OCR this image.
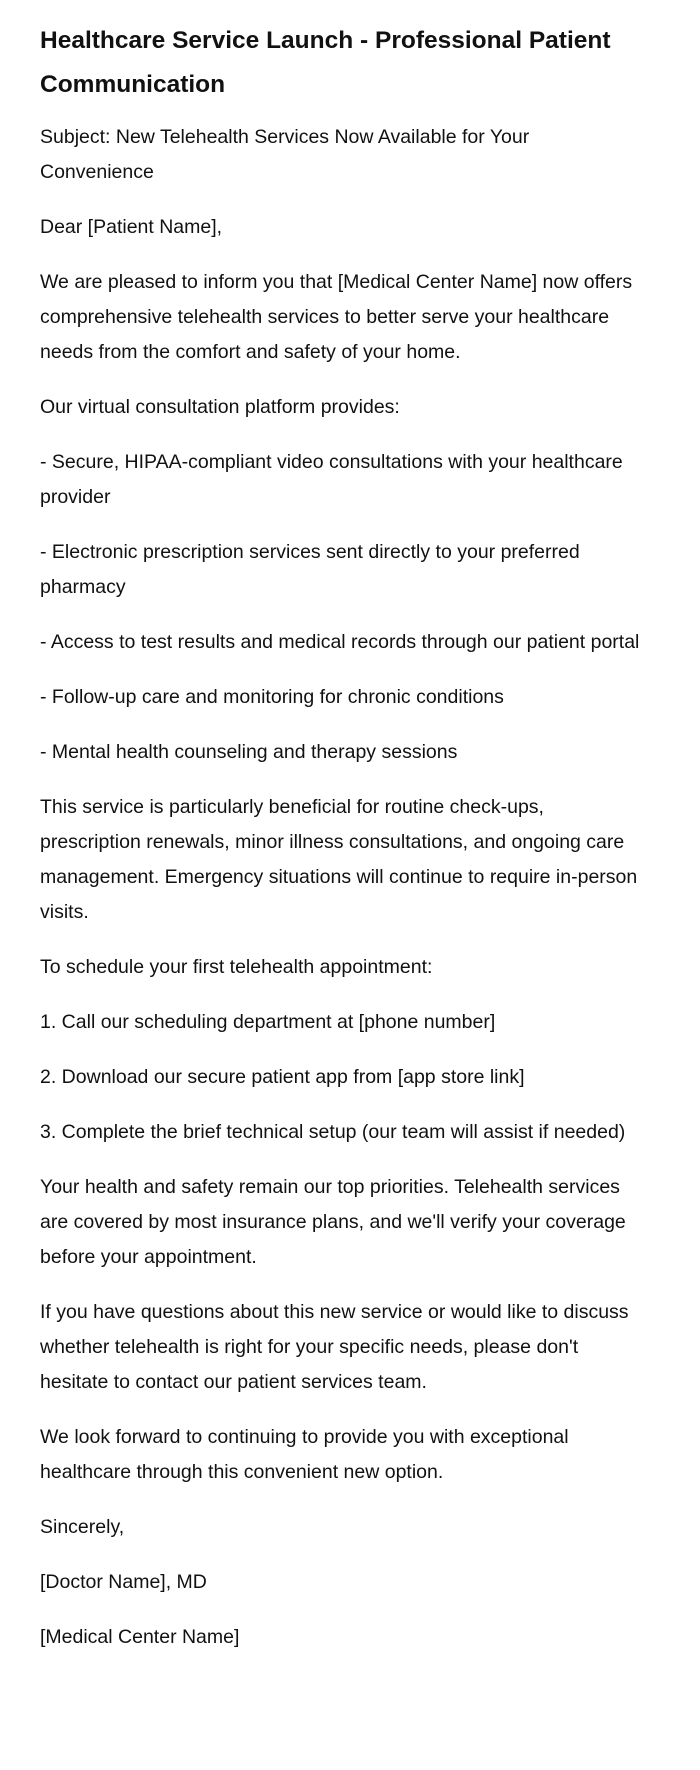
Healthcare Service Launch - Professional Patient Communication

Subject: New Telehealth Services Now Available for Your Convenience

Dear [Patient Name],

We are pleased to inform you that [Medical Center Name] now offers comprehensive telehealth services to better serve your healthcare needs from the comfort and safety of your home.

Our virtual consultation platform provides:

- Secure, HIPAA-compliant video consultations with your healthcare provider

- Electronic prescription services sent directly to your preferred pharmacy

- Access to test results and medical records through our patient portal

- Follow-up care and monitoring for chronic conditions

- Mental health counseling and therapy sessions

This service is particularly beneficial for routine check-ups, prescription renewals, minor illness consultations, and ongoing care management. Emergency situations will continue to require in-person visits.

To schedule your first telehealth appointment:

1. Call our scheduling department at [phone number]

2. Download our secure patient app from [app store link]

3. Complete the brief technical setup (our team will assist if needed)

Your health and safety remain our top priorities. Telehealth services are covered by most insurance plans, and we'll verify your coverage before your appointment.

If you have questions about this new service or would like to discuss whether telehealth is right for your specific needs, please don't hesitate to contact our patient services team.

We look forward to continuing to provide you with exceptional healthcare through this convenient new option.

Sincerely,

[Doctor Name], MD

[Medical Center Name]
